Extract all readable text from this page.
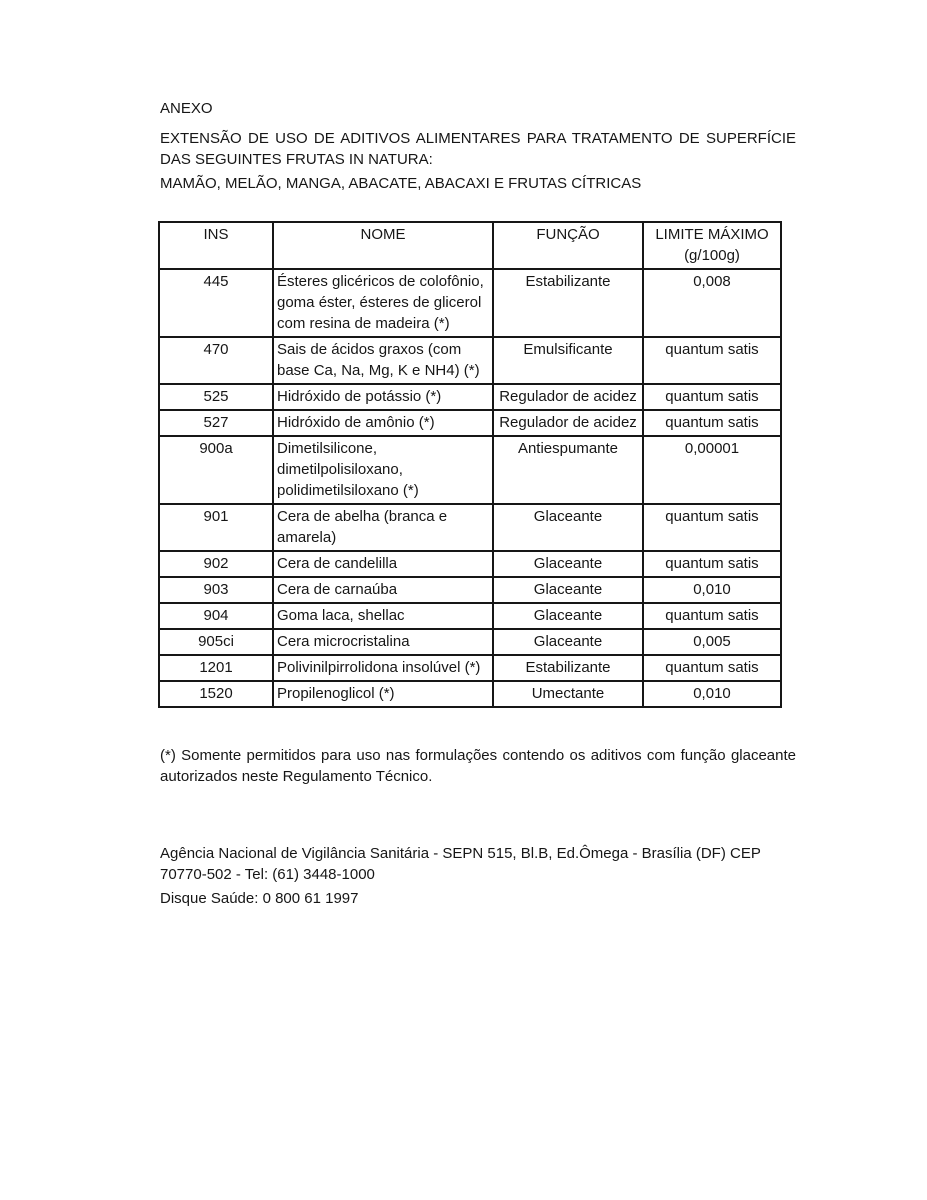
ANEXO

EXTENSÃO DE USO DE ADITIVOS ALIMENTARES PARA TRATAMENTO DE SUPERFÍCIE DAS SEGUINTES FRUTAS IN NATURA:

MAMÃO, MELÃO, MANGA, ABACATE, ABACAXI E FRUTAS CÍTRICAS

INS	NOME	FUNÇÃO	LIMITE MÁXIMO
(g/100g)
445	Ésteres glicéricos de colofônio, goma éster, ésteres de glicerol com resina de madeira (*)	Estabilizante	0,008
470	Sais de ácidos graxos (com base Ca, Na, Mg, K e NH4) (*)	Emulsificante	quantum satis
525	Hidróxido de potássio (*)	Regulador de acidez	quantum satis
527	Hidróxido de amônio (*)	Regulador de acidez	quantum satis
900a	Dimetilsilicone, dimetilpolisiloxano, polidimetilsiloxano (*)	Antiespumante	0,00001
901	Cera de abelha (branca e amarela)	Glaceante	quantum satis
902	Cera de candelilla	Glaceante	quantum satis
903	Cera de carnaúba	Glaceante	0,010
904	Goma laca, shellac	Glaceante	quantum satis
905ci	Cera microcristalina	Glaceante	0,005
1201	Polivinilpirrolidona insolúvel (*)	Estabilizante	quantum satis
1520	Propilenoglicol (*)	Umectante	0,010

(*) Somente permitidos para uso nas formulações contendo os aditivos com função glaceante autorizados neste Regulamento Técnico.

Agência Nacional de Vigilância Sanitária - SEPN 515, Bl.B, Ed.Ômega - Brasília (DF) CEP
70770-502 - Tel: (61) 3448-1000

Disque Saúde: 0 800 61 1997
